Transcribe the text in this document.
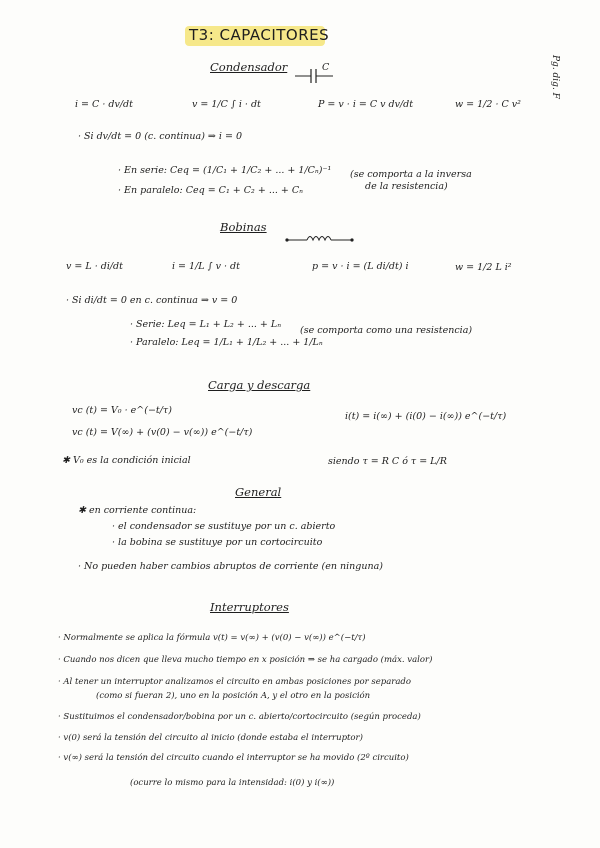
T3: CAPACITORES
Pg. dig. F
Condensador	C
i = C · dv/dt	v = 1/C ∫ i · dt	P = v · i = C v dv/dt	w = 1/2 · C v²
· Si dv/dt = 0 (c. continua) ⇒ i = 0
· En serie: Ceq = (1/C₁ + 1/C₂ + ... + 1/Cₙ)⁻¹
· En paralelo: Ceq = C₁ + C₂ + ... + Cₙ
(se comporta a la inversa
de la resistencia)
Bobinas
v = L · di/dt	i = 1/L ∫ v · dt	p = v · i = (L di/dt) i	w = 1/2 L i²
· Si di/dt = 0 en c. continua ⇒ v = 0
· Serie: Leq = L₁ + L₂ + ... + Lₙ
· Paralelo: Leq = 1/L₁ + 1/L₂ + ... + 1/Lₙ
(se comporta como una resistencia)
Carga y descarga
vc (t) = V₀ · e^(−t/τ)
vc (t) = V(∞) + (v(0) − v(∞)) e^(−t/τ)
i(t) = i(∞) + (i(0) − i(∞)) e^(−t/τ)
✱ V₀ es la condición inicial	siendo τ = R C ó τ = L/R
General
✱ en corriente continua:
· el condensador se sustituye por un c. abierto
· la bobina se sustituye por un cortocircuito
· No pueden haber cambios abruptos de corriente (en ninguna)
Interruptores
· Normalmente se aplica la fórmula v(t) = v(∞) + (v(0) − v(∞)) e^(−t/τ)
· Cuando nos dicen que lleva mucho tiempo en x posición ⇒ se ha cargado (máx. valor)
· Al tener un interruptor analizamos el circuito en ambas posiciones por separado
(como si fueran 2), uno en la posición A, y el otro en la posición
· Sustituimos el condensador/bobina por un c. abierto/cortocircuito (según proceda)
· v(0) será la tensión del circuito al inicio (donde estaba el interruptor)
· v(∞) será la tensión del circuito cuando el interruptor se ha movido (2º circuito)
(ocurre lo mismo para la intensidad: i(0) y i(∞))
